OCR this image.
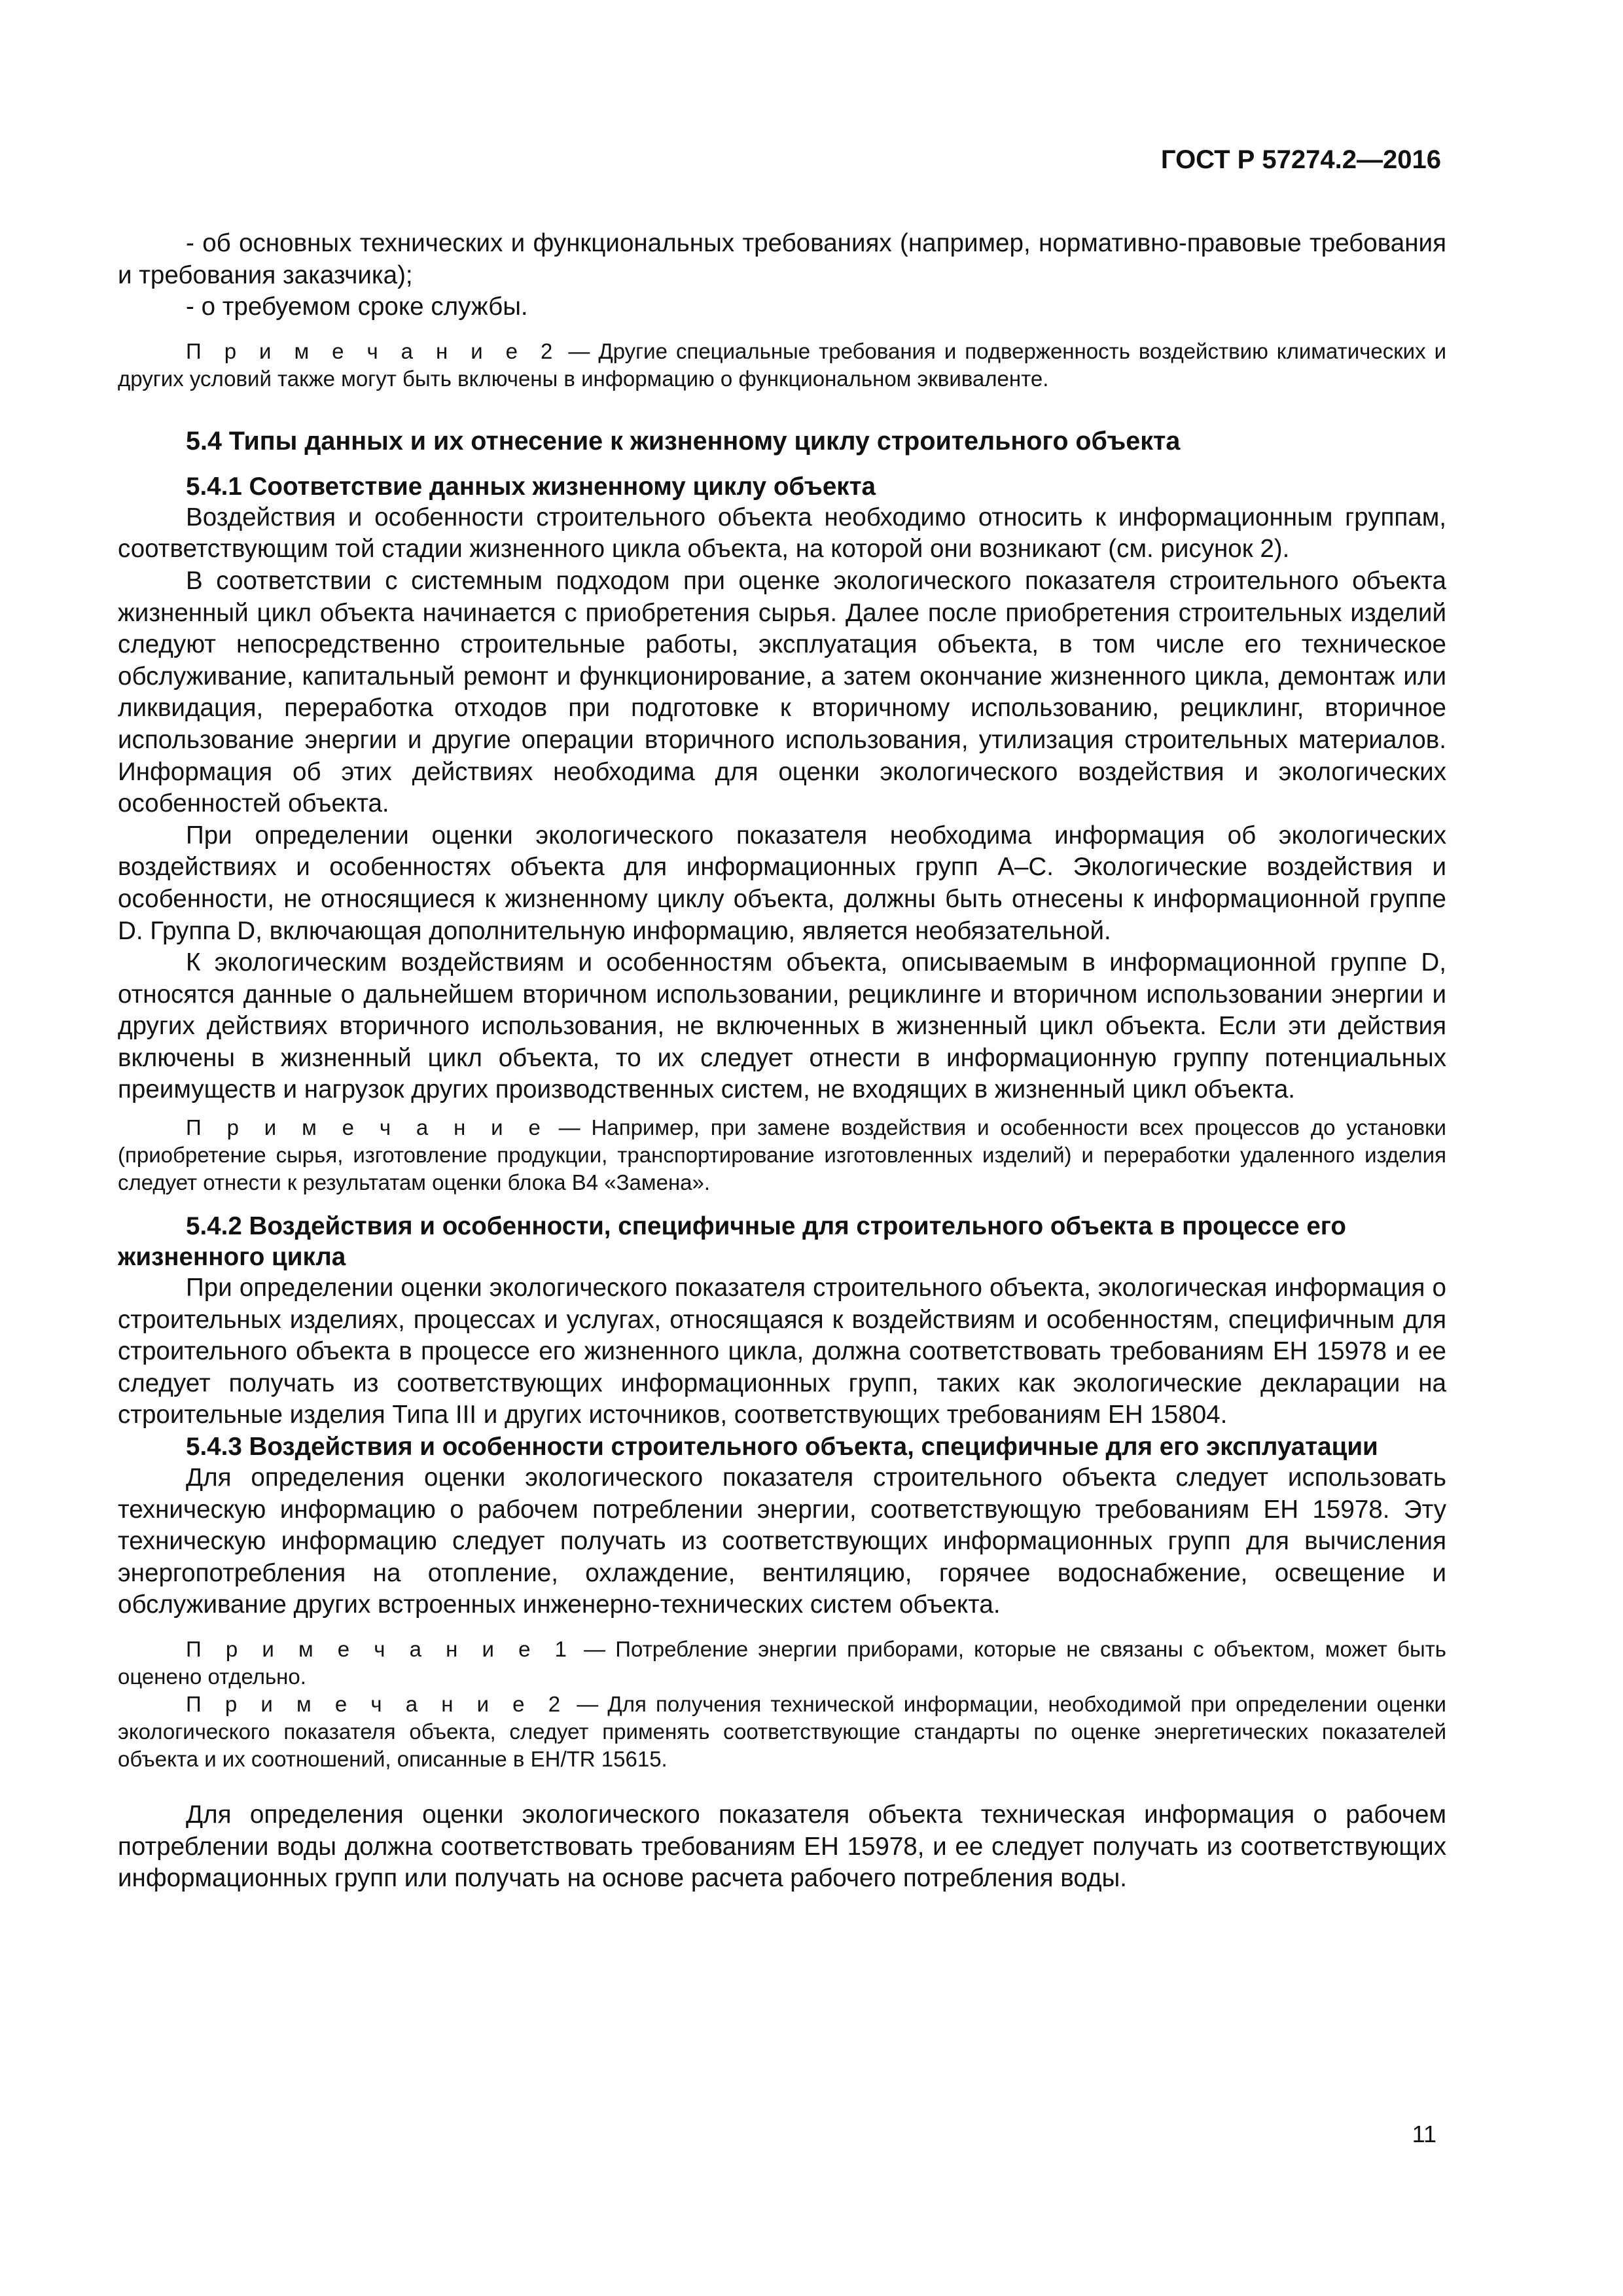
ГОСТ Р 57274.2—2016

- об основных технических и функциональных требованиях (например, нормативно-правовые требования и требования заказчика);

- о требуемом сроке службы.

П р и м е ч а н и е 2 — Другие специальные требования и подверженность воздействию климатических и других условий также могут быть включены в информацию о функциональном эквиваленте.

5.4 Типы данных и их отнесение к жизненному циклу строительного объекта

5.4.1 Соответствие данных жизненному циклу объекта

Воздействия и особенности строительного объекта необходимо относить к информационным группам, соответствующим той стадии жизненного цикла объекта, на которой они возникают (см. рисунок 2).

В соответствии с системным подходом при оценке экологического показателя строительного объекта жизненный цикл объекта начинается с приобретения сырья. Далее после приобретения строительных изделий следуют непосредственно строительные работы, эксплуатация объекта, в том числе его техническое обслуживание, капитальный ремонт и функционирование, а затем окончание жизненного цикла, демонтаж или ликвидация, переработка отходов при подготовке к вторичному использованию, рециклинг, вторичное использование энергии и другие операции вторичного использования, утилизация строительных материалов. Информация об этих действиях необходима для оценки экологического воздействия и экологических особенностей объекта.

При определении оценки экологического показателя необходима информация об экологических воздействиях и особенностях объекта для информационных групп А–С. Экологические воздействия и особенности, не относящиеся к жизненному циклу объекта, должны быть отнесены к информационной группе D. Группа D, включающая дополнительную информацию, является необязательной.

К экологическим воздействиям и особенностям объекта, описываемым в информационной группе D, относятся данные о дальнейшем вторичном использовании, рециклинге и вторичном использовании энергии и других действиях вторичного использования, не включенных в жизненный цикл объекта. Если эти действия включены в жизненный цикл объекта, то их следует отнести в информационную группу потенциальных преимуществ и нагрузок других производственных систем, не входящих в жизненный цикл объекта.

П р и м е ч а н и е — Например, при замене воздействия и особенности всех процессов до установки (приобретение сырья, изготовление продукции, транспортирование изготовленных изделий) и переработки удаленного изделия следует отнести к результатам оценки блока В4 «Замена».

5.4.2 Воздействия и особенности, специфичные для строительного объекта в процессе его жизненного цикла

При определении оценки экологического показателя строительного объекта, экологическая информация о строительных изделиях, процессах и услугах, относящаяся к воздействиям и особенностям, специфичным для строительного объекта в процессе его жизненного цикла, должна соответствовать требованиям ЕН 15978 и ее следует получать из соответствующих информационных групп, таких как экологические декларации на строительные изделия Типа III и других источников, соответствующих требованиям ЕН 15804.

5.4.3 Воздействия и особенности строительного объекта, специфичные для его эксплуатации

Для определения оценки экологического показателя строительного объекта следует использовать техническую информацию о рабочем потреблении энергии, соответствующую требованиям ЕН 15978. Эту техническую информацию следует получать из соответствующих информационных групп для вычисления энергопотребления на отопление, охлаждение, вентиляцию, горячее водоснабжение, освещение и обслуживание других встроенных инженерно-технических систем объекта.

П р и м е ч а н и е 1 — Потребление энергии приборами, которые не связаны с объектом, может быть оценено отдельно.

П р и м е ч а н и е 2 — Для получения технической информации, необходимой при определении оценки экологического показателя объекта, следует применять соответствующие стандарты по оценке энергетических показателей объекта и их соотношений, описанные в ЕН/TR 15615.

Для определения оценки экологического показателя объекта техническая информация о рабочем потреблении воды должна соответствовать требованиям ЕН 15978, и ее следует получать из соответствующих информационных групп или получать на основе расчета рабочего потребления воды.

11
